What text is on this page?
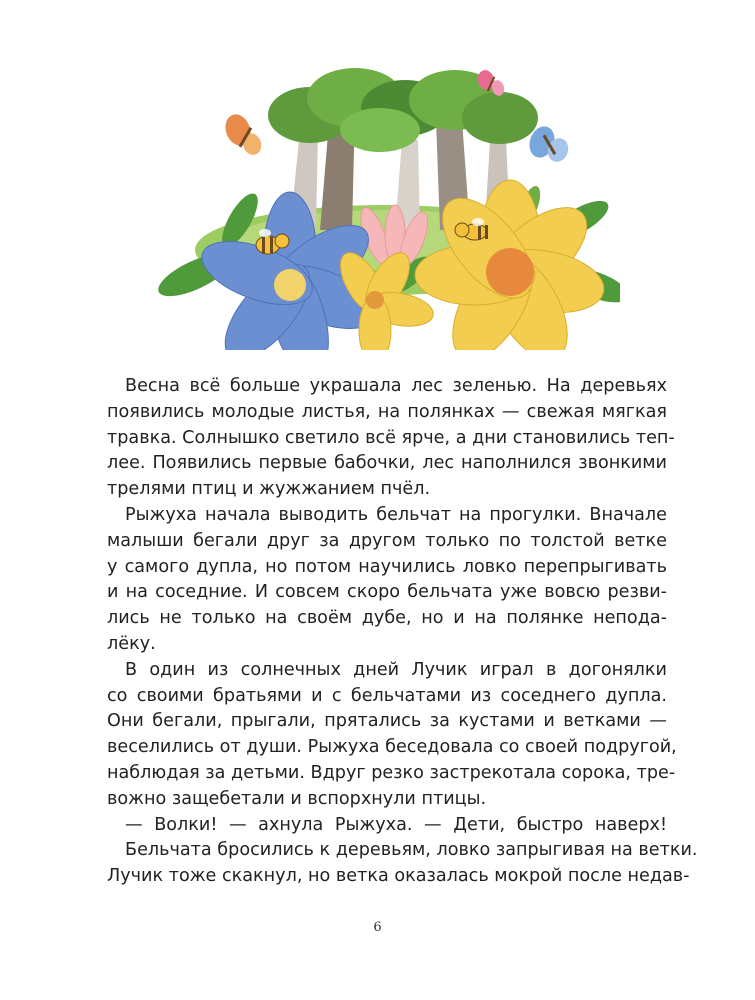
Весна всё больше украшала лес зеленью. На деревьях
появились молодые листья, на полянках — свежая мягкая
травка. Солнышко светило всё ярче, а дни становились теп-
лее. Появились первые бабочки, лес наполнился звонкими
трелями птиц и жужжанием пчёл.
Рыжуха начала выводить бельчат на прогулки. Вначале
малыши бегали друг за другом только по толстой ветке
у самого дупла, но потом научились ловко перепрыгивать
и на соседние. И совсем скоро бельчата уже вовсю резви-
лись не только на своём дубе, но и на полянке непода-
лёку.
В один из солнечных дней Лучик играл в догонялки
со своими братьями и с бельчатами из соседнего дупла.
Они бегали, прыгали, прятались за кустами и ветками —
веселились от души. Рыжуха беседовала со своей подругой,
наблюдая за детьми. Вдруг резко застрекотала сорока, тре-
вожно защебетали и вспорхнули птицы.
— Волки! — ахнула Рыжуха. — Дети, быстро наверх!
Бельчата бросились к деревьям, ловко запрыгивая на ветки.
Лучик тоже скакнул, но ветка оказалась мокрой после недав-
6
